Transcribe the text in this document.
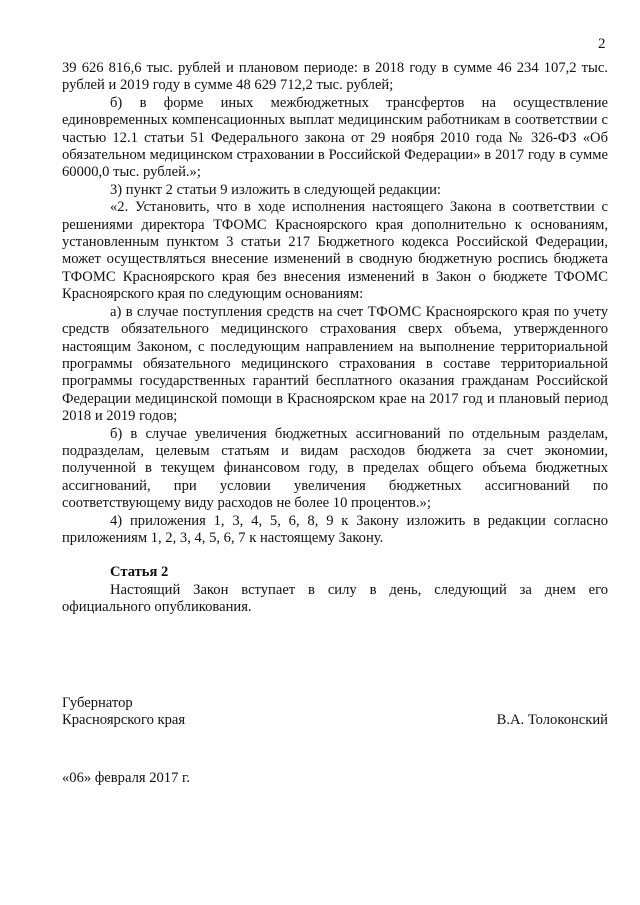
2

39 626 816,6 тыс. рублей и плановом периоде: в 2018 году в сумме 46 234 107,2 тыс. рублей и 2019 году в сумме 48 629 712,2 тыс. рублей;

б) в форме иных межбюджетных трансфертов на осуществление единовременных компенсационных выплат медицинским работникам в соответствии с частью 12.1 статьи 51 Федерального закона от 29 ноября 2010 года № 326-ФЗ «Об обязательном медицинском страховании в Российской Федерации» в 2017 году в сумме 60000,0 тыс. рублей.»;

3) пункт 2 статьи 9 изложить в следующей редакции:

«2. Установить, что в ходе исполнения настоящего Закона в соответствии с решениями директора ТФОМС Красноярского края дополнительно к основаниям, установленным пунктом 3 статьи 217 Бюджетного кодекса Российской Федерации, может осуществляться внесение изменений в сводную бюджетную роспись бюджета ТФОМС Красноярского края без внесения изменений в Закон о бюджете ТФОМС Красноярского края по следующим основаниям:

а) в случае поступления средств на счет ТФОМС Красноярского края по учету средств обязательного медицинского страхования сверх объема, утвержденного настоящим Законом, с последующим направлением на выполнение территориальной программы обязательного медицинского страхования в составе территориальной программы государственных гарантий бесплатного оказания гражданам Российской Федерации медицинской помощи в Красноярском крае на 2017 год и плановый период 2018 и 2019 годов;

б) в случае увеличения бюджетных ассигнований по отдельным разделам, подразделам, целевым статьям и видам расходов бюджета за счет экономии, полученной в текущем финансовом году, в пределах общего объема бюджетных ассигнований, при условии увеличения бюджетных ассигнований по соответствующему виду расходов не более 10 процентов.»;

4) приложения 1, 3, 4, 5, 6, 8, 9 к Закону изложить в редакции согласно приложениям 1, 2, 3, 4, 5, 6, 7 к настоящему Закону.

Статья 2

Настоящий Закон вступает в силу в день, следующий за днем его официального опубликования.

Губернатор
Красноярского края	В.А. Толоконский
«06» февраля 2017 г.
